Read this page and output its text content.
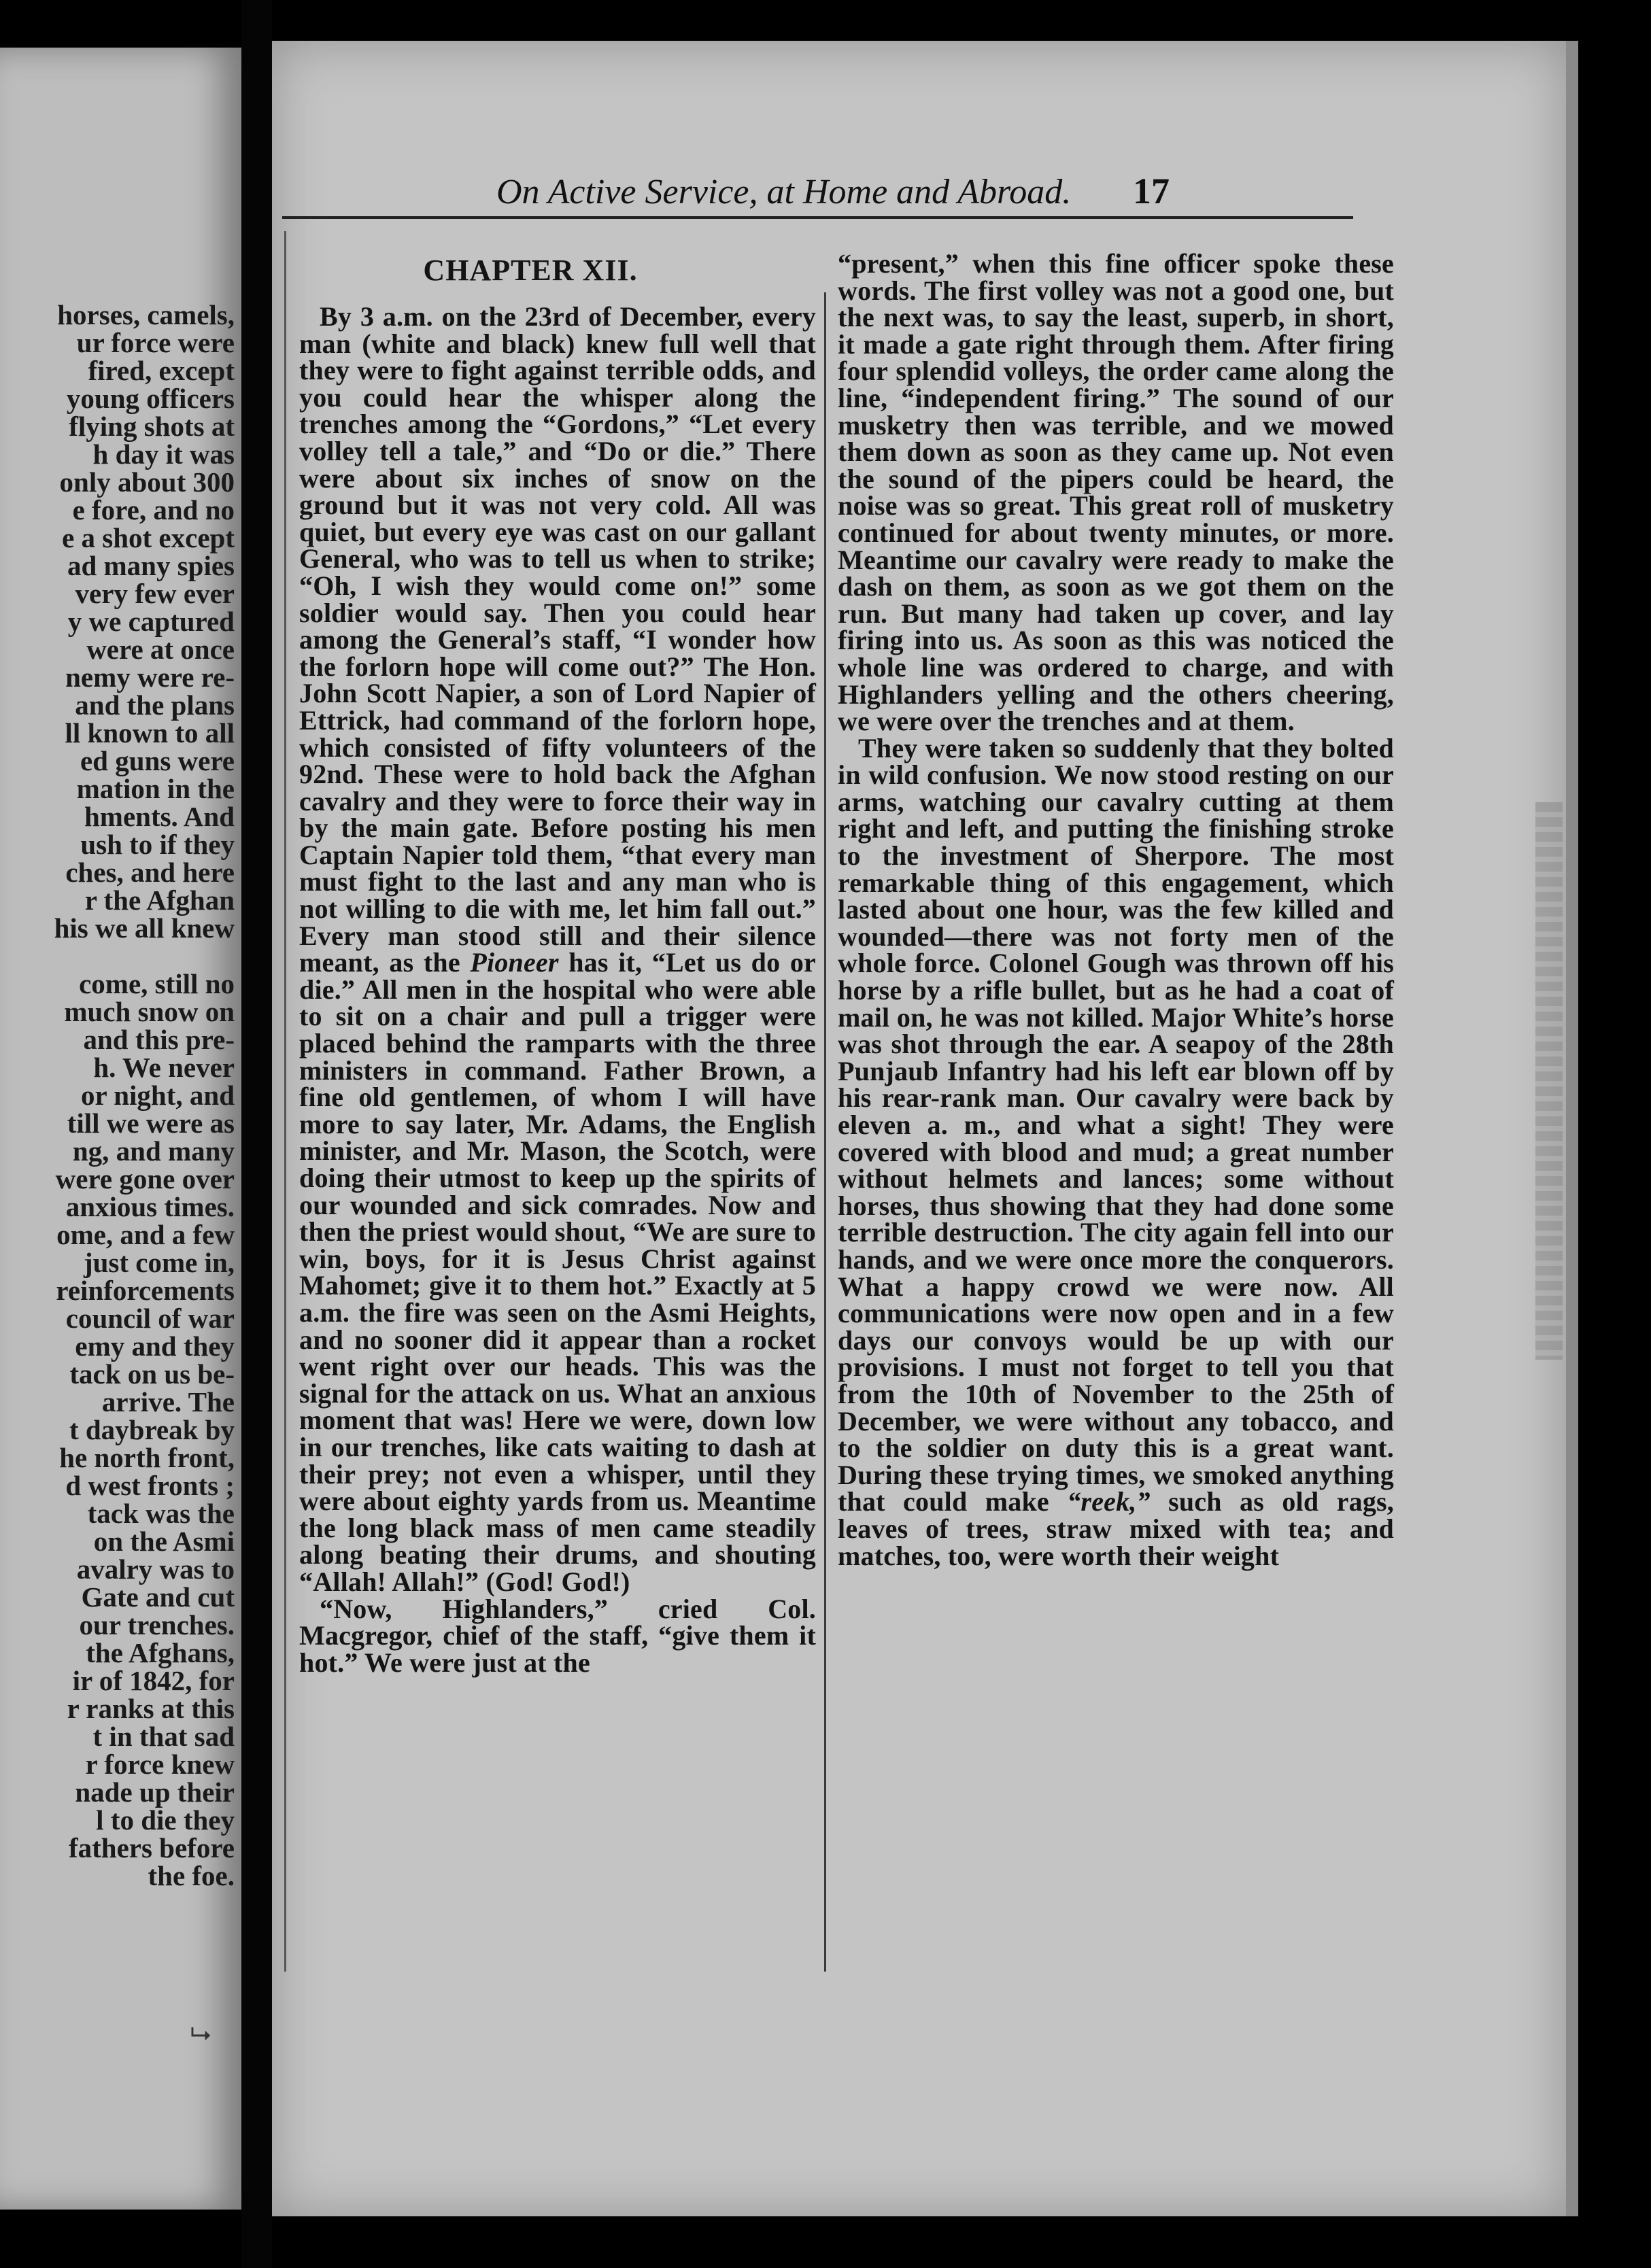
horses, camels,
ur force were
fired, except
young officers
flying shots at
h day it was
only about 300
e fore, and no
e a shot except
ad many spies
very few ever
y we captured
were at once
nemy were re-
and the plans
ll known to all
ed guns were
mation in the
hments. And
ush to if they
ches, and here
r the Afghan
his we all knew
come, still no
much snow on
and this pre-
h. We never
or night, and
till we were as
ng, and many
were gone over
anxious times.
ome, and a few
just come in,
reinforcements
council of war
emy and they
tack on us be-
arrive. The
t daybreak by
he north front,
d west fronts ;
tack was the
on the Asmi
avalry was to
Gate and cut
our trenches.
the Afghans,
ir of 1842, for
r ranks at this
t in that sad
r force knew
nade up their
l to die they
fathers before
the foe.
⮡
On Active Service, at Home and Abroad. 17
CHAPTER XII.

By 3 a.m. on the 23rd of December, every man (white and black) knew full well that they were to fight against terrible odds, and you could hear the whisper along the trenches among the “Gordons,” “Let every volley tell a tale,” and “Do or die.” There were about six inches of snow on the ground but it was not very cold. All was quiet, but every eye was cast on our gallant General, who was to tell us when to strike; “Oh, I wish they would come on!” some soldier would say. Then you could hear among the General’s staff, “I wonder how the forlorn hope will come out?” The Hon. John Scott Napier, a son of Lord Napier of Ettrick, had command of the forlorn hope, which consisted of fifty volunteers of the 92nd. These were to hold back the Afghan cavalry and they were to force their way in by the main gate. Before posting his men Captain Napier told them, “that every man must fight to the last and any man who is not willing to die with me, let him fall out.” Every man stood still and their silence meant, as the Pioneer has it, “Let us do or die.” All men in the hospital who were able to sit on a chair and pull a trigger were placed behind the ramparts with the three ministers in command. Father Brown, a fine old gentlemen, of whom I will have more to say later, Mr. Adams, the English minister, and Mr. Mason, the Scotch, were doing their utmost to keep up the spirits of our wounded and sick comrades. Now and then the priest would shout, “We are sure to win, boys, for it is Jesus Christ against Mahomet; give it to them hot.” Exactly at 5 a.m. the fire was seen on the Asmi Heights, and no sooner did it appear than a rocket went right over our heads. This was the signal for the attack on us. What an anxious moment that was! Here we were, down low in our trenches, like cats waiting to dash at their prey; not even a whisper, until they were about eighty yards from us. Meantime the long black mass of men came steadily along beating their drums, and shouting “Allah! Allah!” (God! God!)

“Now, Highlanders,” cried Col. Macgregor, chief of the staff, “give them it hot.” We were just at the

“present,” when this fine officer spoke these words. The first volley was not a good one, but the next was, to say the least, superb, in short, it made a gate right through them. After firing four splendid volleys, the order came along the line, “independent firing.” The sound of our musketry then was terrible, and we mowed them down as soon as they came up. Not even the sound of the pipers could be heard, the noise was so great. This great roll of musketry continued for about twenty minutes, or more. Meantime our cavalry were ready to make the dash on them, as soon as we got them on the run. But many had taken up cover, and lay firing into us. As soon as this was noticed the whole line was ordered to charge, and with Highlanders yelling and the others cheering, we were over the trenches and at them.

They were taken so suddenly that they bolted in wild confusion. We now stood resting on our arms, watching our cavalry cutting at them right and left, and putting the finishing stroke to the investment of Sherpore. The most remarkable thing of this engagement, which lasted about one hour, was the few killed and wounded—there was not forty men of the whole force. Colonel Gough was thrown off his horse by a rifle bullet, but as he had a coat of mail on, he was not killed. Major White’s horse was shot through the ear. A seapoy of the 28th Punjaub Infantry had his left ear blown off by his rear-rank man. Our cavalry were back by eleven a. m., and what a sight! They were covered with blood and mud; a great number without helmets and lances; some without horses, thus showing that they had done some terrible destruction. The city again fell into our hands, and we were once more the conquerors. What a happy crowd we were now. All communications were now open and in a few days our convoys would be up with our provisions. I must not forget to tell you that from the 10th of November to the 25th of December, we were without any tobacco, and to the soldier on duty this is a great want. During these trying times, we smoked anything that could make “reek,” such as old rags, leaves of trees, straw mixed with tea; and matches, too, were worth their weight
